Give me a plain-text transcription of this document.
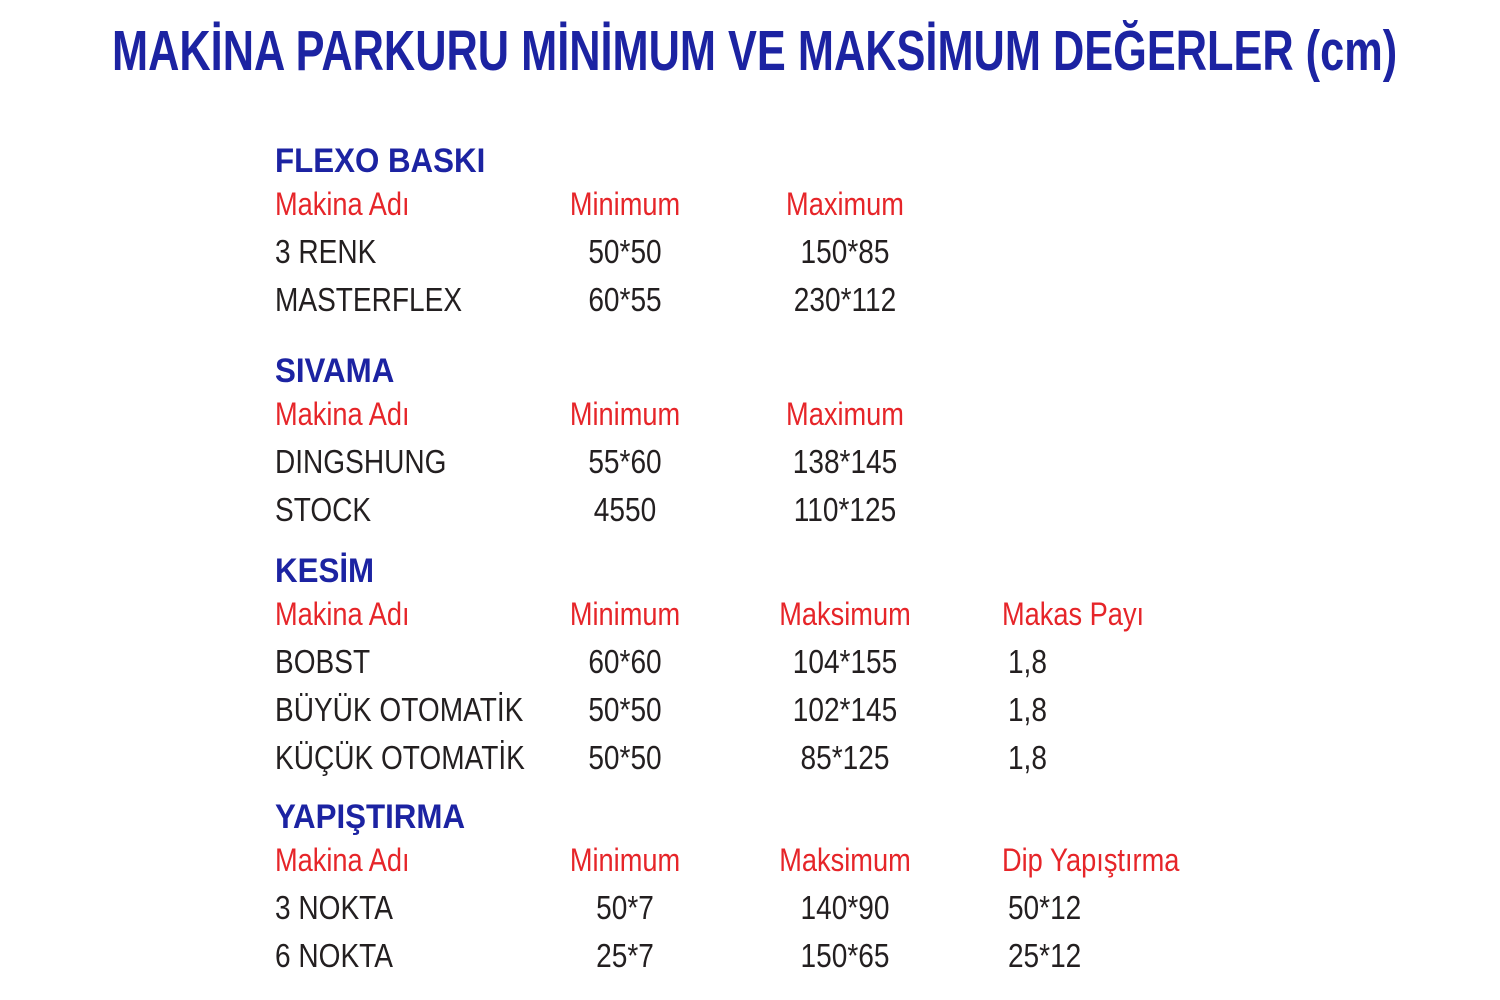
MAKİNA PARKURU MİNİMUM VE MAKSİMUM DEĞERLER (cm)
FLEXO BASKI
Makina Adı	Minimum	Maximum
3 RENK	50*50	150*85
MASTERFLEX	60*55	230*112
SIVAMA
Makina Adı	Minimum	Maximum
DINGSHUNG	55*60	138*145
STOCK	4550	110*125
KESİM
Makina Adı	Minimum	Maksimum	Makas Payı
BOBST	60*60	104*155	1,8
BÜYÜK OTOMATİK	50*50	102*145	1,8
KÜÇÜK OTOMATİK	50*50	85*125	1,8
YAPIŞTIRMA
Makina Adı	Minimum	Maksimum	Dip Yapıştırma
3 NOKTA	50*7	140*90	50*12
6 NOKTA	25*7	150*65	25*12
